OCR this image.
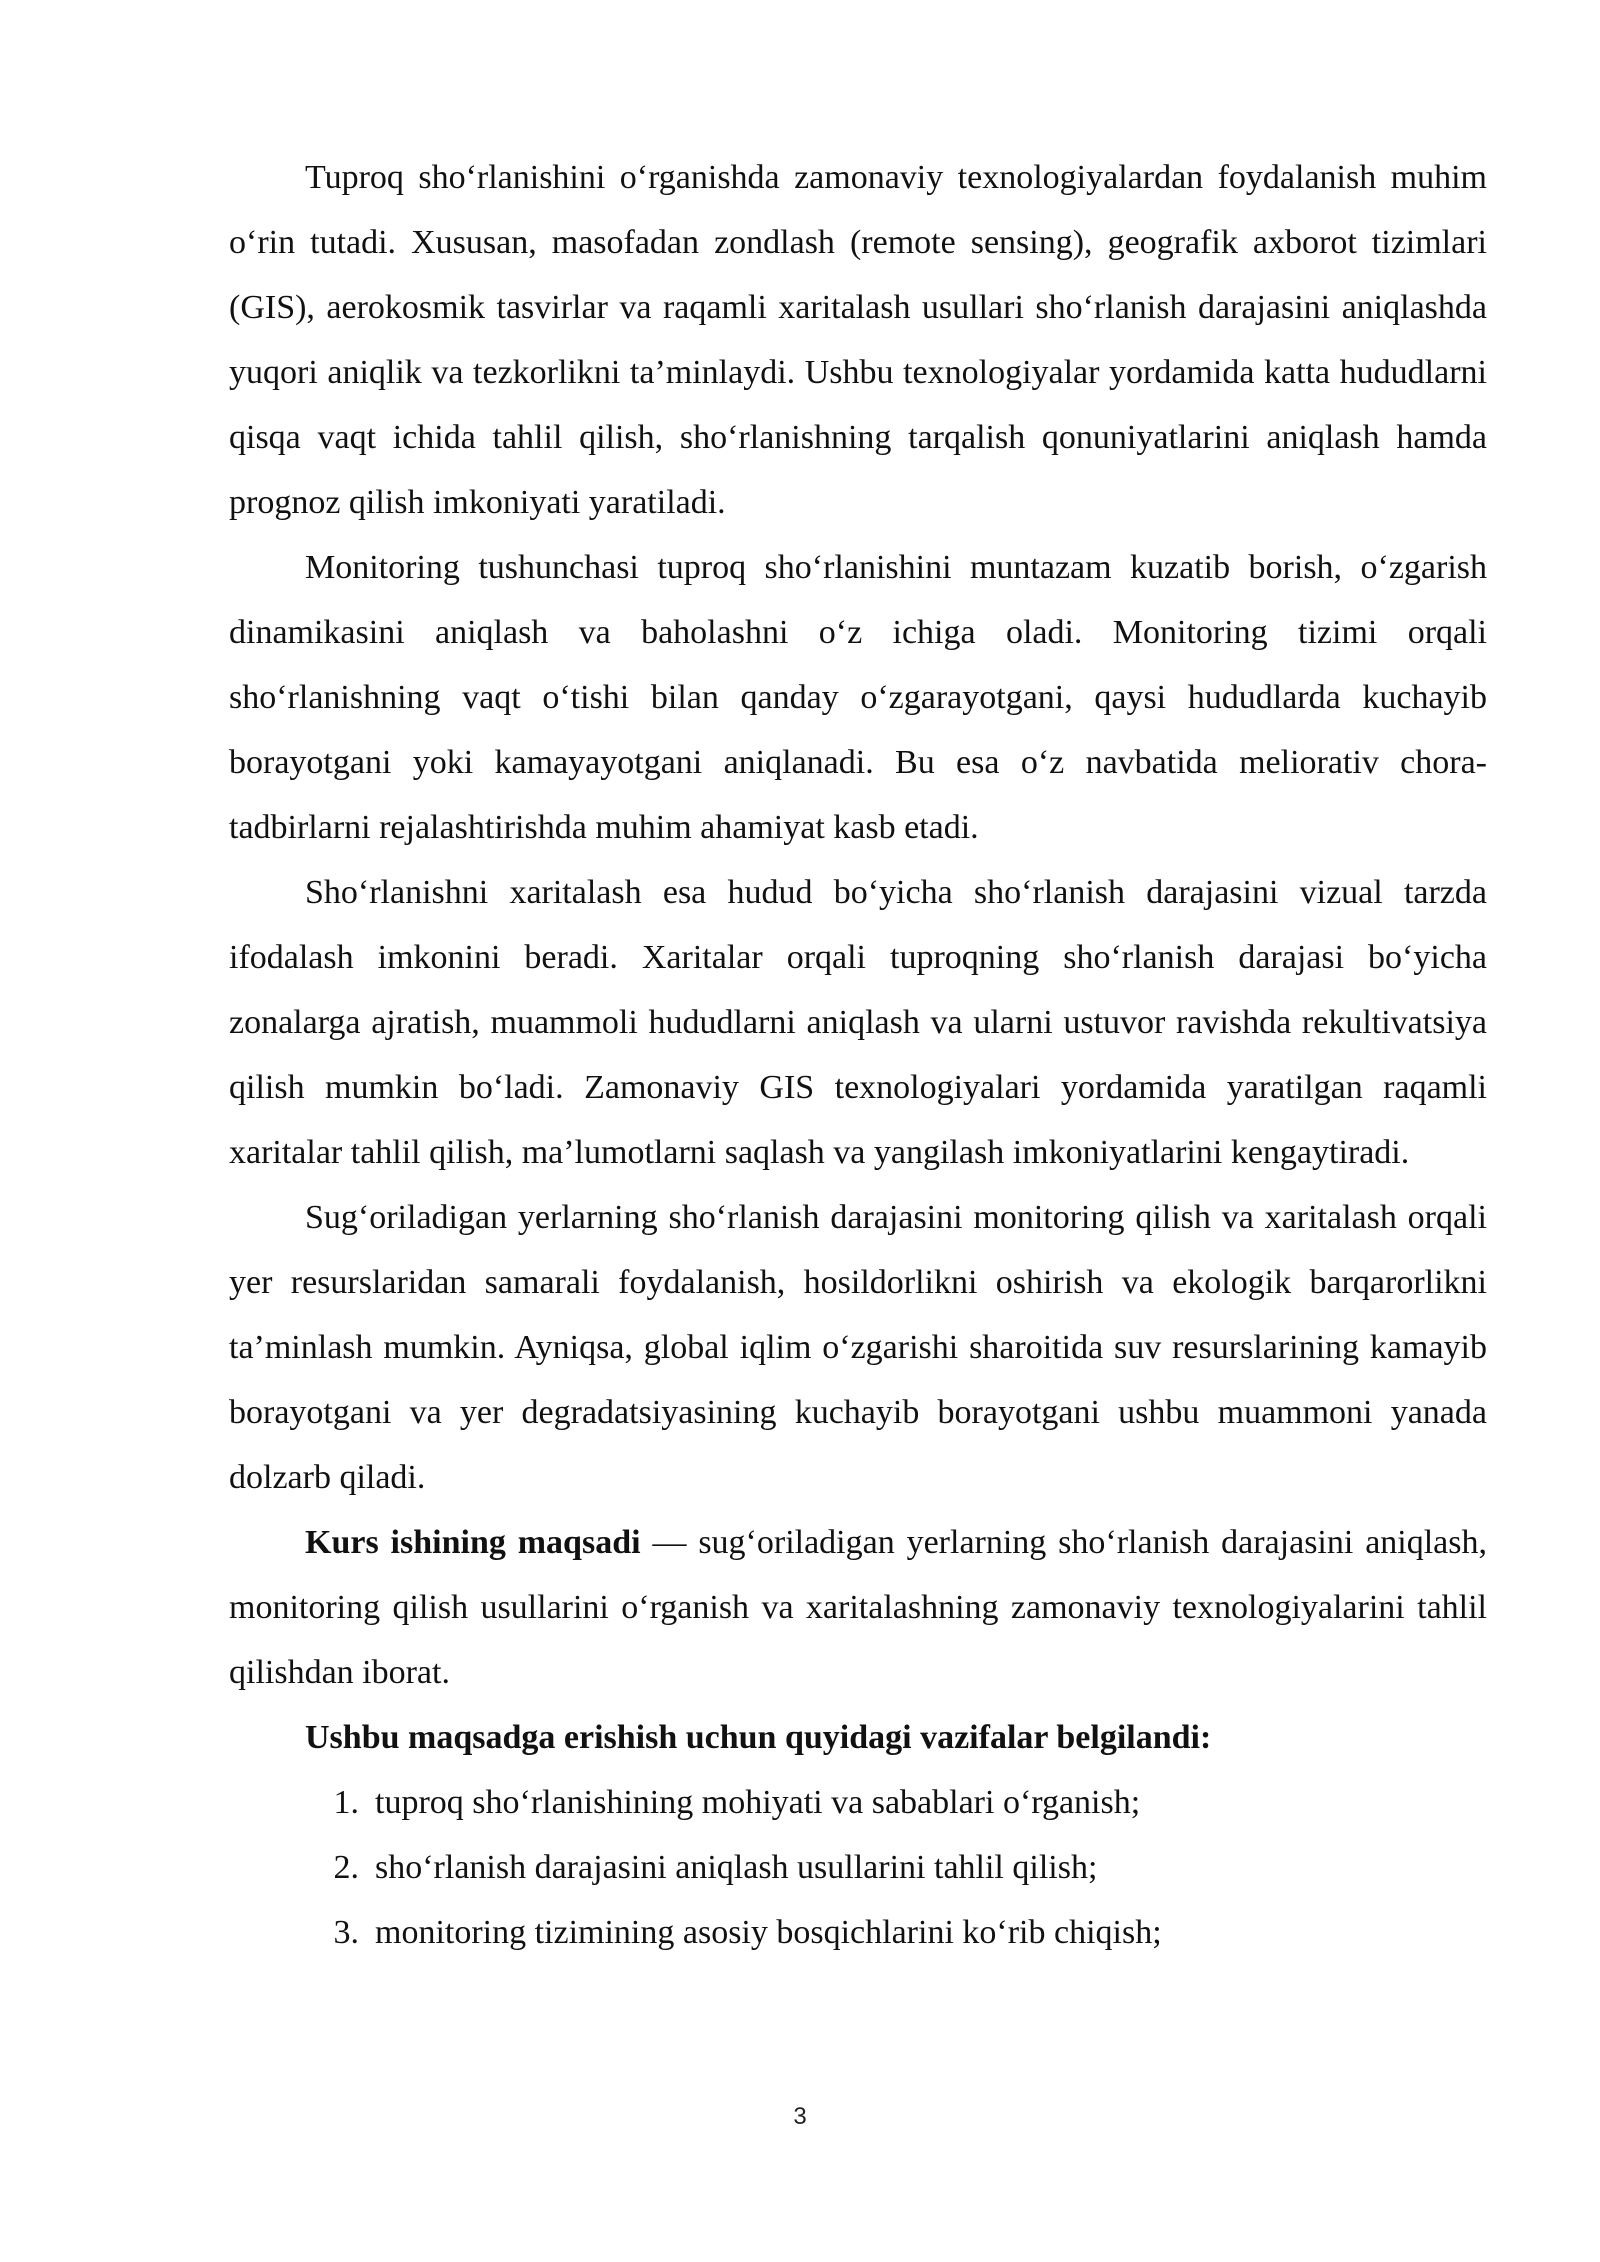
Tuproq sho‘rlanishini o‘rganishda zamonaviy texnologiyalardan foydalanish muhim o‘rin tutadi. Xususan, masofadan zondlash (remote sensing), geografik axborot tizimlari (GIS), aerokosmik tasvirlar va raqamli xaritalash usullari sho‘rlanish darajasini aniqlashda yuqori aniqlik va tezkorlikni ta’minlaydi. Ushbu texnologiyalar yordamida katta hududlarni qisqa vaqt ichida tahlil qilish, sho‘rlanishning tarqalish qonuniyatlarini aniqlash hamda prognoz qilish imkoniyati yaratiladi.

Monitoring tushunchasi tuproq sho‘rlanishini muntazam kuzatib borish, o‘zgarish dinamikasini aniqlash va baholashni o‘z ichiga oladi. Monitoring tizimi orqali sho‘rlanishning vaqt o‘tishi bilan qanday o‘zgarayotgani, qaysi hududlarda kuchayib borayotgani yoki kamayayotgani aniqlanadi. Bu esa o‘z navbatida meliorativ chora-tadbirlarni rejalashtirishda muhim ahamiyat kasb etadi.

Sho‘rlanishni xaritalash esa hudud bo‘yicha sho‘rlanish darajasini vizual tarzda ifodalash imkonini beradi. Xaritalar orqali tuproqning sho‘rlanish darajasi bo‘yicha zonalarga ajratish, muammoli hududlarni aniqlash va ularni ustuvor ravishda rekultivatsiya qilish mumkin bo‘ladi. Zamonaviy GIS texnologiyalari yordamida yaratilgan raqamli xaritalar tahlil qilish, ma’lumotlarni saqlash va yangilash imkoniyatlarini kengaytiradi.

Sug‘oriladigan yerlarning sho‘rlanish darajasini monitoring qilish va xaritalash orqali yer resurslaridan samarali foydalanish, hosildorlikni oshirish va ekologik barqarorlikni ta’minlash mumkin. Ayniqsa, global iqlim o‘zgarishi sharoitida suv resurslarining kamayib borayotgani va yer degradatsiyasining kuchayib borayotgani ushbu muammoni yanada dolzarb qiladi.

Kurs ishining maqsadi — sug‘oriladigan yerlarning sho‘rlanish darajasini aniqlash, monitoring qilish usullarini o‘rganish va xaritalashning zamonaviy texnologiyalarini tahlil qilishdan iborat.

Ushbu maqsadga erishish uchun quyidagi vazifalar belgilandi:

1. tuproq sho‘rlanishining mohiyati va sabablari o‘rganish;
2. sho‘rlanish darajasini aniqlash usullarini tahlil qilish;
3. monitoring tizimining asosiy bosqichlarini ko‘rib chiqish;
3
